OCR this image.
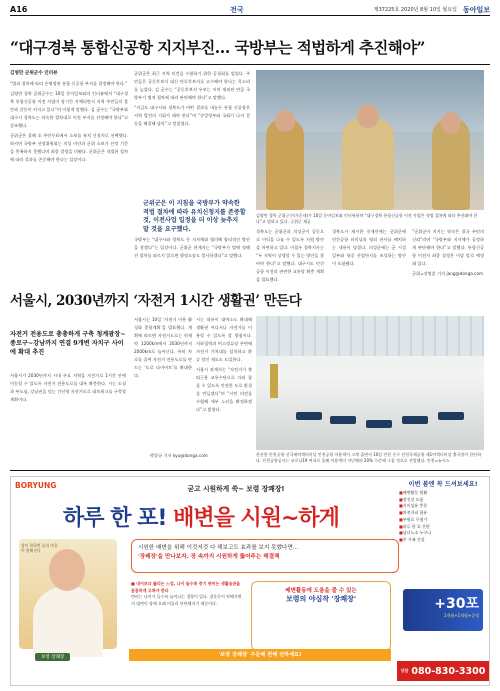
A16	전국	제37225호 2020년 8월 10일 월요일 동아일보
“대구경북 통합신공항 지지부진… 국방부는 적법하게 추진해야”

김영만 군위군수 인터뷰

“법과 절차에 따라 손명정된 통합 신공항 부지를 결정해야 한다.”

김영만 경북 군위군수는 10일 동아일보와의 인터뷰에서 “대구경북 통합신공항 이전 사업이 장기간 지체되면서 지역 주민들의 불안과 갈등이 커지고 있다”며 이렇게 말했다. 김 군수는 “국방부와 대구시 경북도는 약속한 절차대로 이전 부지를 선정해야 한다”고 강조했다.

군위군은 올해 초 주민투표에서 소보를 유치 신청지로 선택했다. 하지만 국방부 선정위원회는 의성 비안과 군위 소보가 선정 기준을 충족하지 못했다며 최종 결정을 미뤘다. 군위군은 적법한 절차에 따라 결과를 존중해야 한다는 입장이다.

군위군은 최근 지역 의견을 수렴하기 위한 공청회를 열었다. 주민들은 공동후보지 대신 단독후보지를 고수해야 한다는 목소리를 높였다. 김 군수는 “공동후보지 우보는 이미 제외된 만큼 국방부가 법적 절차에 따라 판단해야 한다”고 말했다.

“지금도 대구시와 경북도가 어떤 결과를 내놓든 통합 신공항은 지역 발전의 기회가 돼야 한다”며 “중앙정부와 국회가 나서 갈등을 해결해 달라”고 덧붙였다.

군위군은 이 지침을 국방부가 약속한 적법 절차에 따라 유치신청지를 존중할 것, 이전사업 일정을 더 이상 늦추지 말 것을 요구했다.

국방부는 “대구시와 경북도 등 지자체와 협의해 합리적인 방안을 찾겠다”는 입장이다. 군위군 관계자는 “국방부가 법에 정해진 절차를 따르지 않으면 행정소송도 불사하겠다”고 말했다.

김영만 경북 군위군수(가운데)가 10일 동아일보와 인터뷰하며 “대구경북 통합신공항 이전 사업은 적법 절차에 따라 추진돼야 한다”고 말하고 있다. 군위군 제공

경북도는 군위군과 의성군이 공동으로 이익을 나눌 수 있도록 지원 방안을 마련하고 있다. 이철우 경북지사는 “두 지역이 상생할 수 있는 방안을 찾아야 한다”고 말했다. 대구시도 민간공항 이전과 관련한 교통망 확충 계획을 발표했다.

경북도가 제시한 중재안에는 군위군에 민간공항 터미널과 영외 관사를 배치하는 내용이 담겼다. 의성군에는 군 시설 일부와 항공 산업단지를 조성하는 방안이 포함됐다.

“군위군이 지키는 약속은 결국 주민의 신뢰”라며 “국방부와 지자체가 공정하게 판단해야 한다”고 말했다. 통합신공항 이전지 최종 결정은 이달 말로 예정돼 있다.

군위=장영훈 기자 jang@donga.com

서울시, 2030년까지 ‘자전거 1시간 생활권’ 만든다
자전거 전용도로 총총하게 구축 청계광장~종로구~강남까지 연결 9개변 자치구 사이에 확대 추진

서울시가 2030년까지 시내 주요 지역을 자전거로 1시간 안에 이동할 수 있도록 자전거 전용도로를 대폭 확충한다. 시는 도심과 부도심, 강남권을 잇는 간선형 자전거도로 네트워크를 구축할 계획이다.

서울시는 10일 ‘자전거 이용 활성화 종합계획’을 발표했다. 계획에 따르면 자전거도로는 현재 약 1200km에서 2030년까지 2000km로 늘어난다. 특히 차로를 줄여 자전거 전용도로를 만드는 ‘도로 다이어트’를 확대한다.

시는 따릉이 대여소도 확대해 생활권 어디서나 자전거를 이용할 수 있도록 할 방침이다. 지하철역과 버스정류장 주변에 자전거 거치대를 설치하고 환승 할인 제도도 도입한다.

서울시 관계자는 “자전거가 출퇴근용 교통수단으로 자리 잡을 수 있도록 안전한 도로 환경을 만들겠다”며 “시민 의견을 수렴해 세부 노선을 확정하겠다”고 밝혔다.

박창규 기자 kyu@donga.com	한산한 인천공항 신국제여객터미널 인천공항 이용객이 크게 줄면서 10일 인천 중구 인천국제공항 제1여객터미널 출국장이 한산하다. 인천공항공사는 코로나19 여파로 올해 이용객이 지난해의 20% 수준에 그칠 것으로 전망했다. 인천=뉴시스
BORYUNG	굳고 시원하게 쑥~ 보령 장쾌장!
하루 한 포! 배변을 시원~하게
장이 편하면 몸과 마음이 편해진다
보령 장쾌장
시원한 배변을 위해 이것저것 다 해보고도 효과를 보지 못했다면…
'장쾌장'을 만나보자. 장 속까지 시원하게 뚫어주는 해결책
■ 내어보다 뚫리는 느낌, 나이 들수록 중기 변비는 생활습관을 꼼꼼하게 고쳐야 한다
변비는 나이가 들수록 늘어나는 경향이 있다. 장운동이 약해지면서 대변이 장에 오래 머물러 단단해지기 때문이다.
배변활동에 도움을 줄 수 있는
보령의 야심작 '장쾌장'
'보령 장쾌장' 주문해 편해 전하세요!
이번 봄엔 꼭 드셔보세요!
■ 배변활동 원활
■ 장건강 도움
■ 식이섬유 충분
■ 차전자피 함유
■ 부원료 무첨가
■ 하루 한 포 간편
■ 남녀노소 누구나
■ 온 가족 건강
+30포
2개월+1개월+증정
상담 080-830-3300
